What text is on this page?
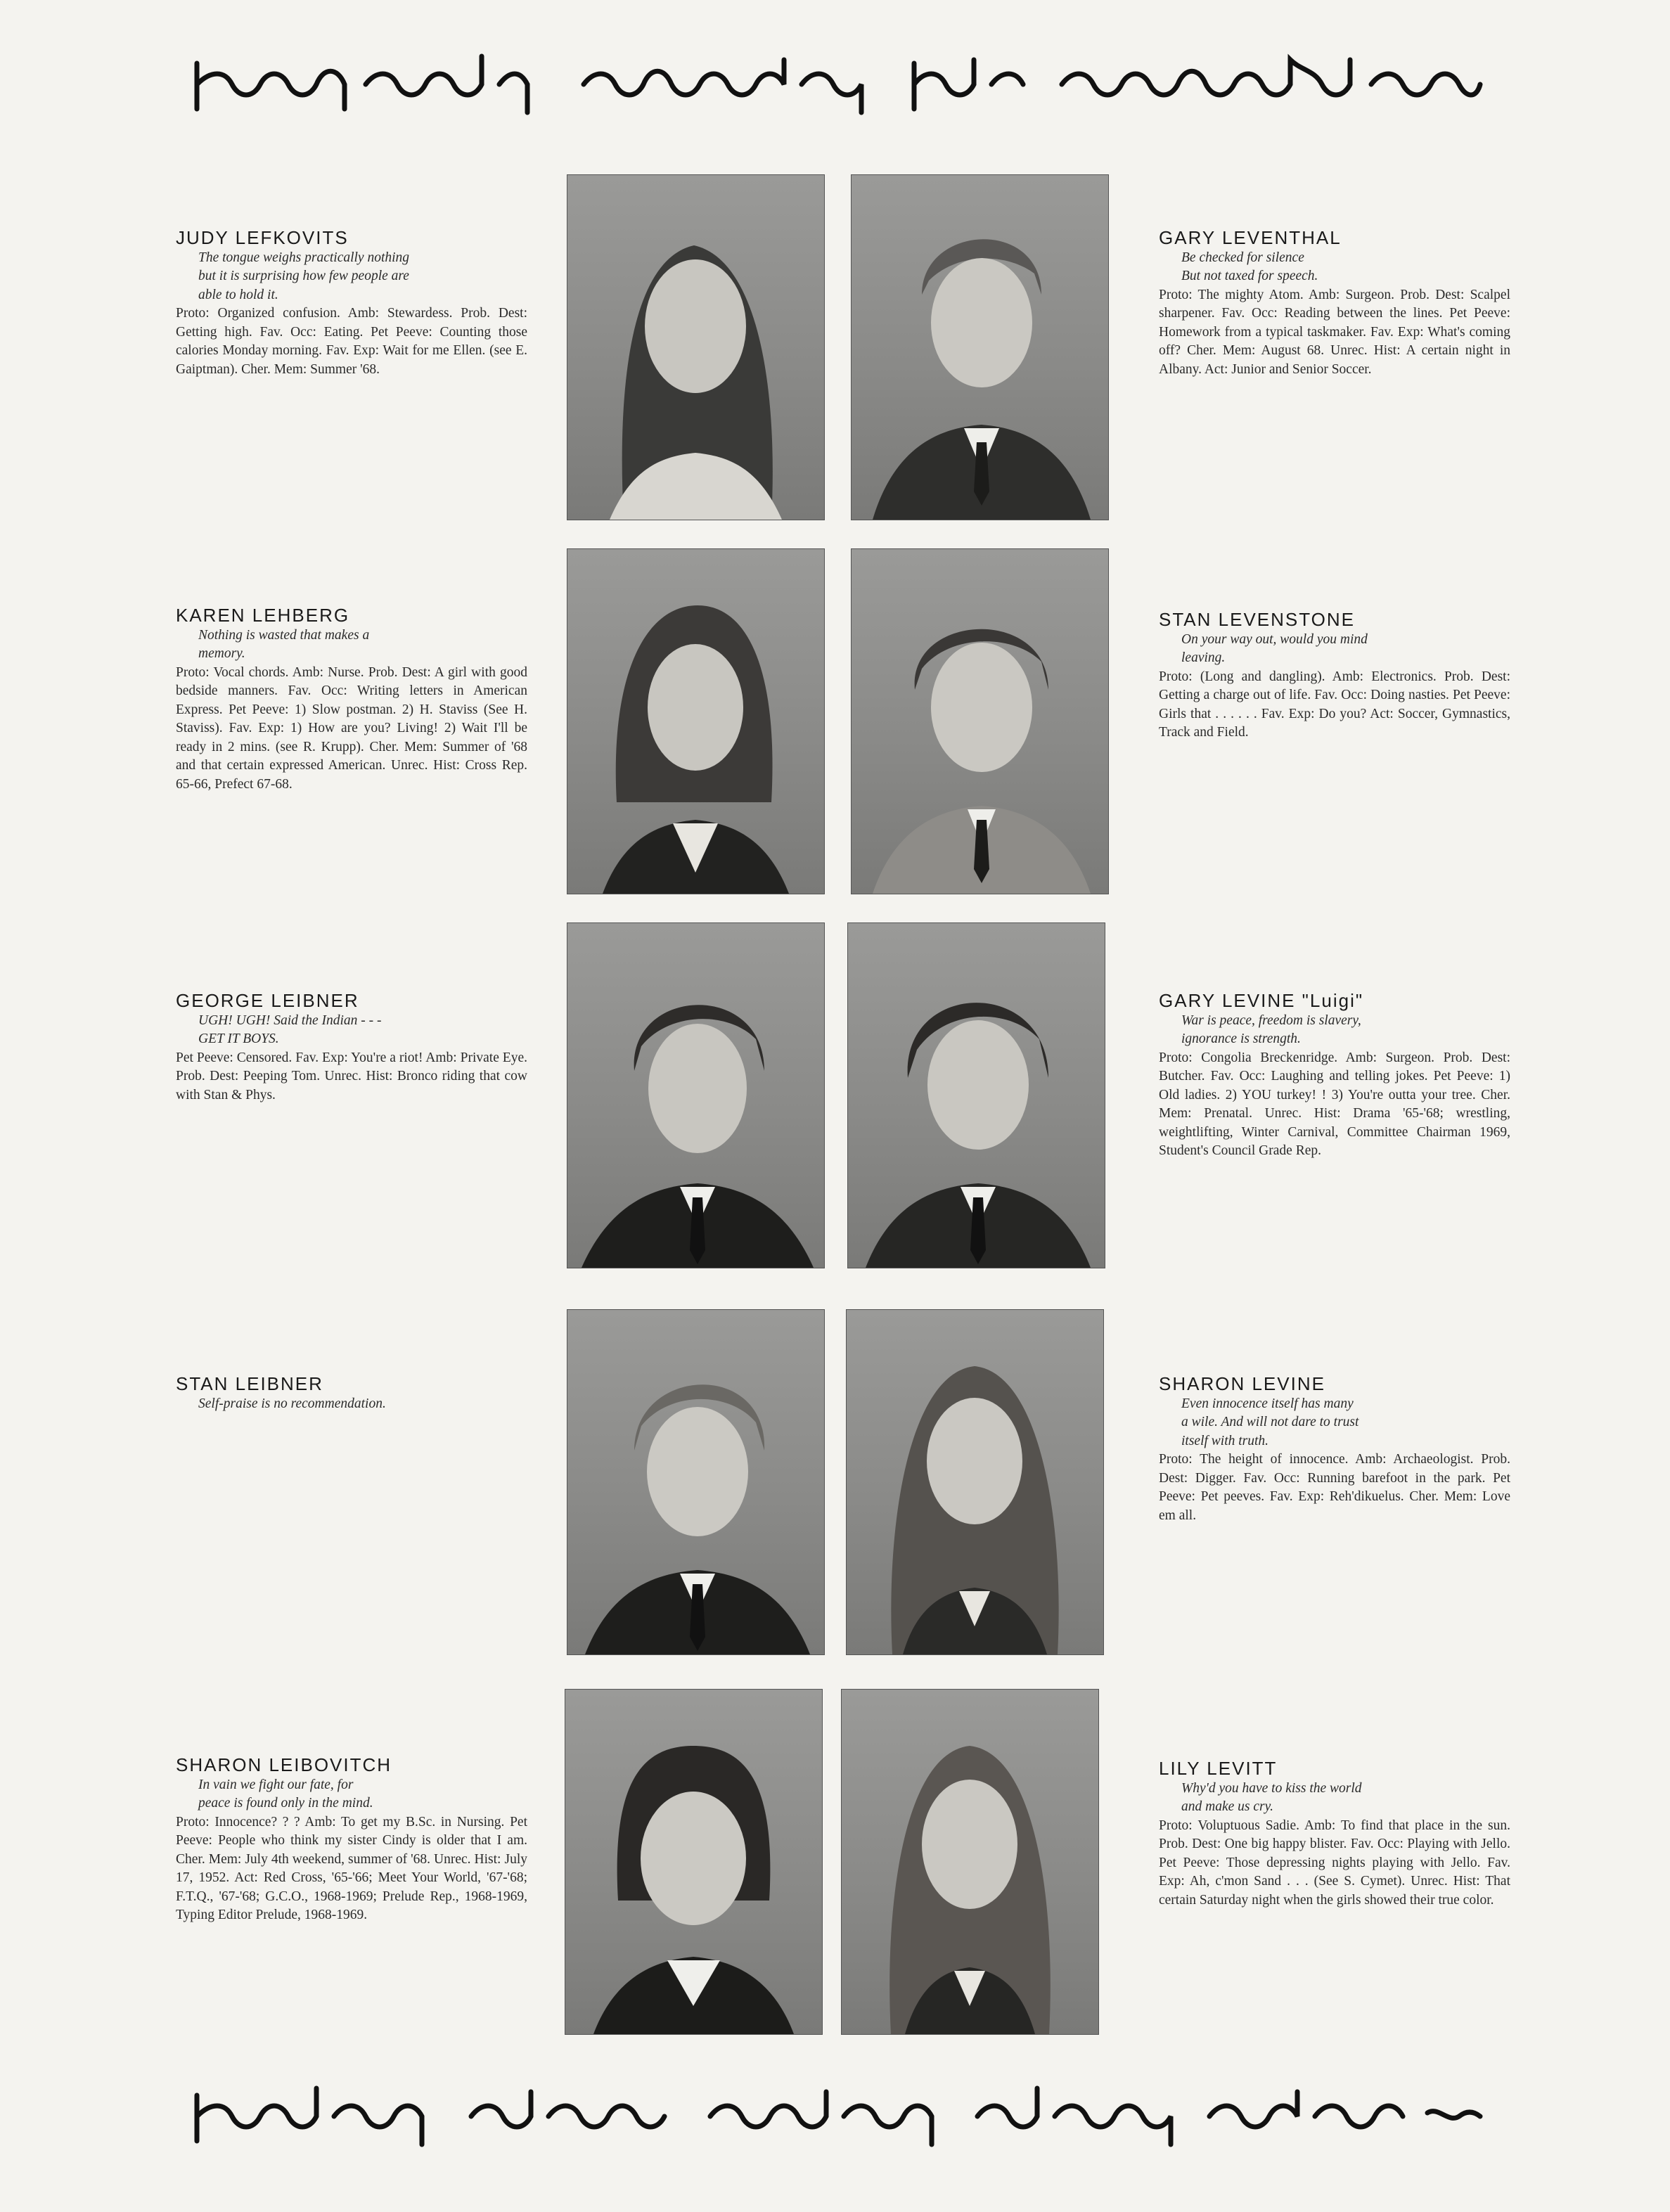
JUDY LEFKOVITS
The tongue weighs practically nothing
but it is surprising how few people are
able to hold it.
Proto: Organized confusion. Amb: Stewardess. Prob. Dest: Getting high. Fav. Occ: Eating. Pet Peeve: Counting those calories Monday morning. Fav. Exp: Wait for me Ellen. (see E. Gaiptman). Cher. Mem: Summer '68.
GARY LEVENTHAL
Be checked for silence
But not taxed for speech.
Proto: The mighty Atom. Amb: Surgeon. Prob. Dest: Scalpel sharpener. Fav. Occ: Reading between the lines. Pet Peeve: Homework from a typical taskmaker. Fav. Exp: What's coming off? Cher. Mem: August 68. Unrec. Hist: A certain night in Albany. Act: Junior and Senior Soccer.
KAREN LEHBERG
Nothing is wasted that makes a
memory.
Proto: Vocal chords. Amb: Nurse. Prob. Dest: A girl with good bedside manners. Fav. Occ: Writing letters in American Express. Pet Peeve: 1) Slow postman. 2) H. Staviss (See H. Staviss). Fav. Exp: 1) How are you? Living! 2) Wait I'll be ready in 2 mins. (see R. Krupp). Cher. Mem: Summer of '68 and that certain expressed American. Unrec. Hist: Cross Rep. 65-66, Prefect 67-68.
STAN LEVENSTONE
On your way out, would you mind
leaving.
Proto: (Long and dangling). Amb: Electronics. Prob. Dest: Getting a charge out of life. Fav. Occ: Doing nasties. Pet Peeve: Girls that . . . . . . Fav. Exp: Do you? Act: Soccer, Gymnastics, Track and Field.
GEORGE LEIBNER
UGH! UGH! Said the Indian - - -
GET IT BOYS.
Pet Peeve: Censored. Fav. Exp: You're a riot! Amb: Private Eye. Prob. Dest: Peeping Tom. Unrec. Hist: Bronco riding that cow with Stan & Phys.
GARY LEVINE "Luigi"
War is peace, freedom is slavery,
ignorance is strength.
Proto: Congolia Breckenridge. Amb: Surgeon. Prob. Dest: Butcher. Fav. Occ: Laughing and telling jokes. Pet Peeve: 1) Old ladies. 2) YOU turkey! ! 3) You're outta your tree. Cher. Mem: Prenatal. Unrec. Hist: Drama '65-'68; wrestling, weightlifting, Winter Carnival, Committee Chairman 1969, Student's Council Grade Rep.
STAN LEIBNER
Self-praise is no recommendation.
SHARON LEVINE
Even innocence itself has many
a wile. And will not dare to trust
itself with truth.
Proto: The height of innocence. Amb: Archaeologist. Prob. Dest: Digger. Fav. Occ: Running barefoot in the park. Pet Peeve: Pet peeves. Fav. Exp: Reh'dikuelus. Cher. Mem: Love em all.
SHARON LEIBOVITCH
In vain we fight our fate, for
peace is found only in the mind.
Proto: Innocence? ? ? Amb: To get my B.Sc. in Nursing. Pet Peeve: People who think my sister Cindy is older that I am. Cher. Mem: July 4th weekend, summer of '68. Unrec. Hist: July 17, 1952. Act: Red Cross, '65-'66; Meet Your World, '67-'68; F.T.Q., '67-'68; G.C.O., 1968-1969; Prelude Rep., 1968-1969, Typing Editor Prelude, 1968-1969.
LILY LEVITT
Why'd you have to kiss the world
and make us cry.
Proto: Voluptuous Sadie. Amb: To find that place in the sun. Prob. Dest: One big happy blister. Fav. Occ: Playing with Jello. Pet Peeve: Those depressing nights playing with Jello. Fav. Exp: Ah, c'mon Sand . . . (See S. Cymet). Unrec. Hist: That certain Saturday night when the girls showed their true color.
